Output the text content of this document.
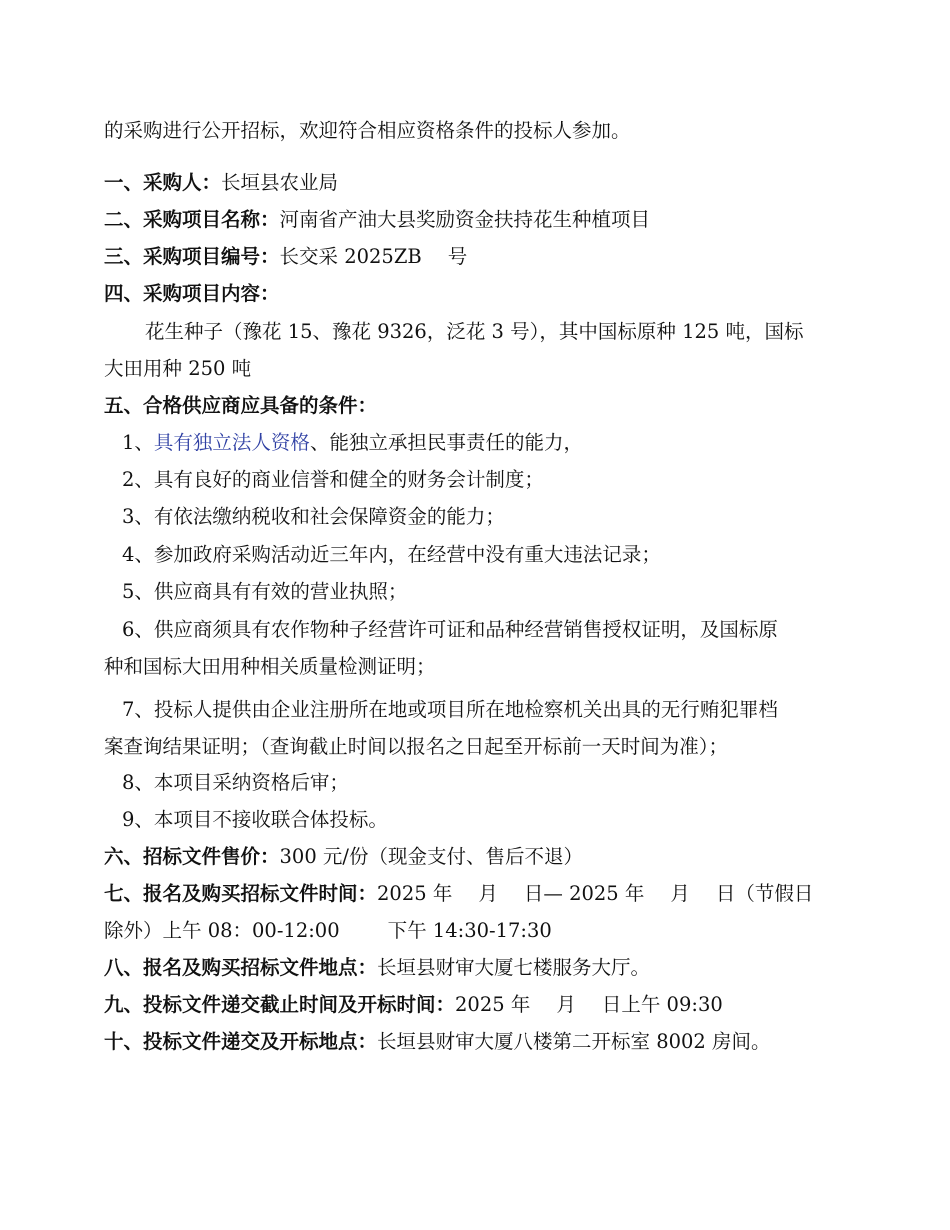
的采购进行公开招标，欢迎符合相应资格条件的投标人参加。
一、采购人：长垣县农业局
二、采购项目名称：河南省产油大县奖励资金扶持花生种植项目
三、采购项目编号：长交采 2025ZB 号
四、采购项目内容：
花生种子（豫花 15、豫花 9326，泛花 3 号），其中国标原种 125 吨，国标
大田用种 250 吨
五、合格供应商应具备的条件：
1、具有独立法人资格、能独立承担民事责任的能力，
2、具有良好的商业信誉和健全的财务会计制度；
3、有依法缴纳税收和社会保障资金的能力；
4、参加政府采购活动近三年内，在经营中没有重大违法记录；
5、供应商具有有效的营业执照；
6、供应商须具有农作物种子经营许可证和品种经营销售授权证明，及国标原
种和国标大田用种相关质量检测证明；
7、投标人提供由企业注册所在地或项目所在地检察机关出具的无行贿犯罪档
案查询结果证明；（查询截止时间以报名之日起至开标前一天时间为准）；
8、本项目采纳资格后审；
9、本项目不接收联合体投标。
六、招标文件售价：300 元/份（现金支付、售后不退）
七、报名及购买招标文件时间：2025 年 月 日— 2025 年 月 日（节假日
除外）上午 08：00-12:00 下午 14:30-17:30
八、报名及购买招标文件地点：长垣县财审大厦七楼服务大厅。
九、投标文件递交截止时间及开标时间：2025 年 月 日上午 09:30
十、投标文件递交及开标地点：长垣县财审大厦八楼第二开标室 8002 房间。
